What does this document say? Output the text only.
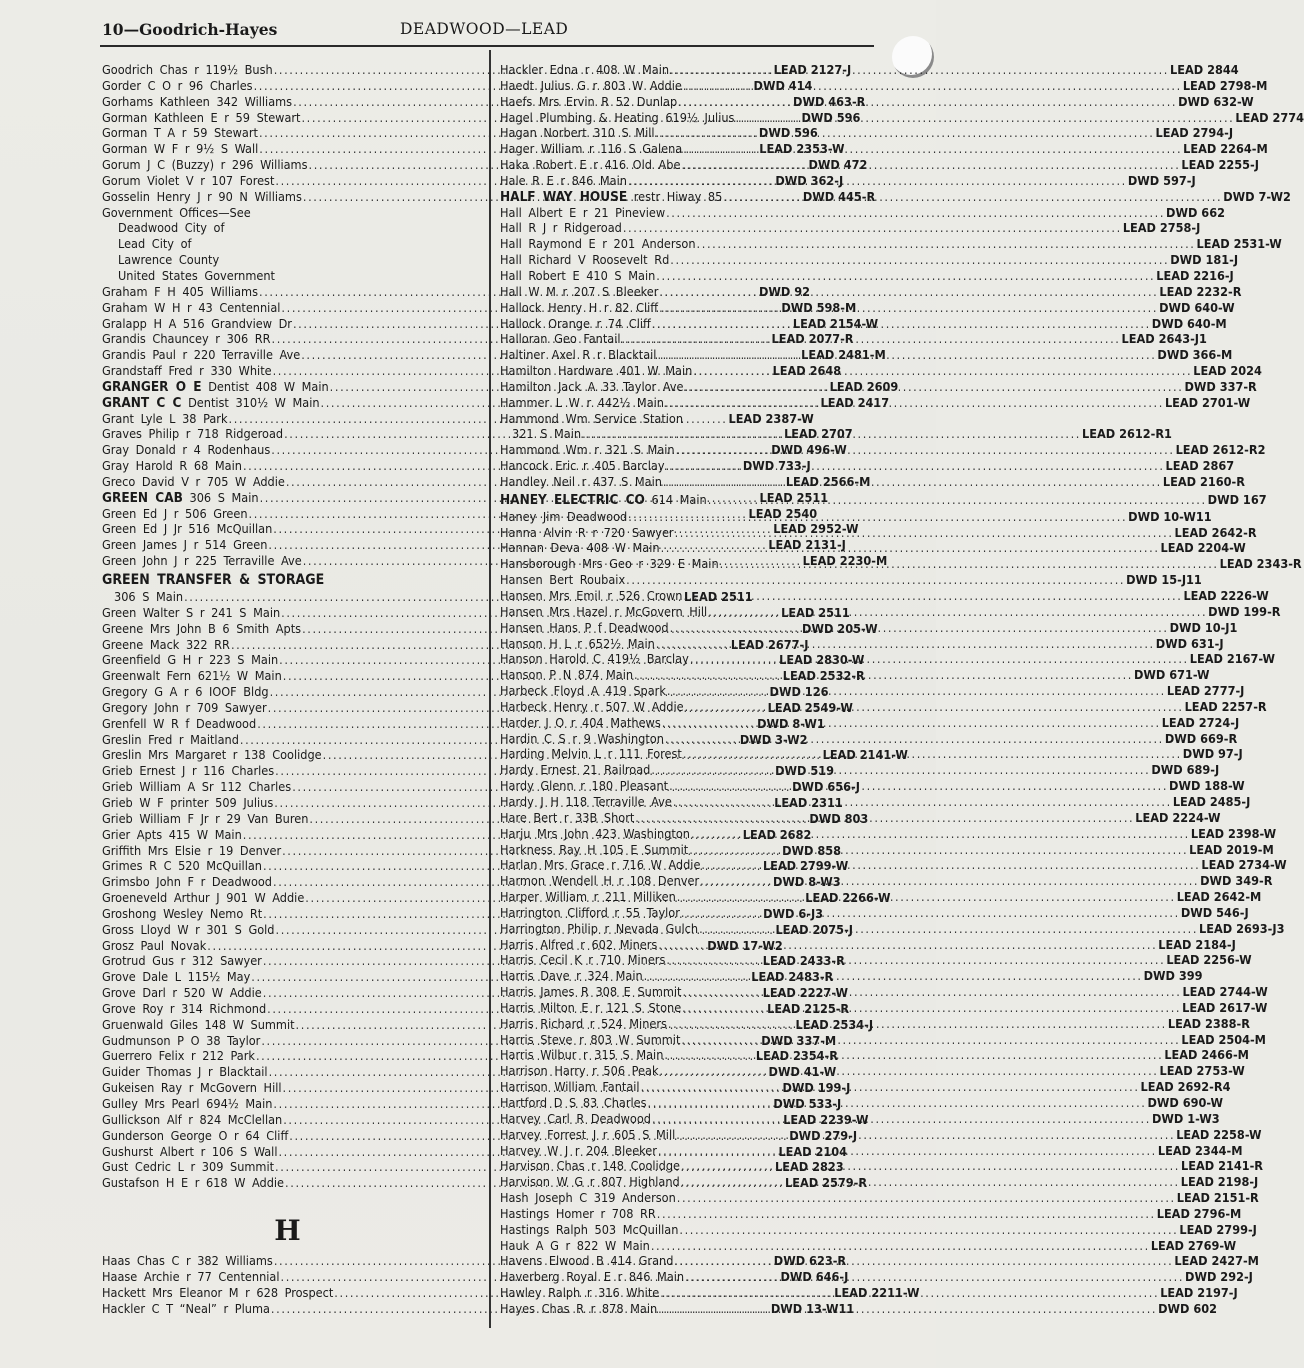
10—Goodrich-Hayes	DEADWOOD—LEAD
Goodrich Chas r 119½ Bush
.....	LEAD 2127-J
Gorder C O r 96 Charles
.....	DWD 414
Gorhams Kathleen 342 Williams
.....	DWD 463-R
Gorman Kathleen E r 59 Stewart
.....	DWD 596
Gorman T A r 59 Stewart
.....	DWD 596
Gorman W F r 9½ S Wall
.....	LEAD 2353-W
Gorum J C (Buzzy) r 296 Williams
.....	DWD 472
Gorum Violet V r 107 Forest
.....	DWD 362-J
Gosselin Henry J r 90 N Williams
.....	DWD 445-R
Government Offices—See
Deadwood City of
Lead City of
Lawrence County
United States Government
Graham F H 405 Williams
.....	DWD 92
Graham W H r 43 Centennial
.....	DWD 598-M
Gralapp H A 516 Grandview Dr
.....	LEAD 2154-W
Grandis Chauncey r 306 RR
.....	LEAD 2077-R
Grandis Paul r 220 Terraville Ave
.....	LEAD 2481-M
Grandstaff Fred r 330 White
.....	LEAD 2648
GRANGER O E Dentist 408 W Main
.....	LEAD 2609
GRANT C C Dentist 310½ W Main
.....	LEAD 2417
Grant Lyle L 38 Park
.....	LEAD 2387-W
Graves Philip r 718 Ridgeroad
.....	LEAD 2707
Gray Donald r 4 Rodenhaus
.....	DWD 496-W
Gray Harold R 68 Main
.....	DWD 733-J
Greco David V r 705 W Addie
.....	LEAD 2566-M
GREEN CAB 306 S Main
.....	LEAD 2511
Green Ed J r 506 Green
.....	LEAD 2540
Green Ed J Jr 516 McQuillan
.....	LEAD 2952-W
Green James J r 514 Green
.....	LEAD 2131-J
Green John J r 225 Terraville Ave
.....	LEAD 2230-M
GREEN TRANSFER & STORAGE
306 S Main
.....	LEAD 2511
Green Walter S r 241 S Main
.....	LEAD 2511
Greene Mrs John B 6 Smith Apts
.....	DWD 205-W
Greene Mack 322 RR
.....	LEAD 2677-J
Greenfield G H r 223 S Main
.....	LEAD 2830-W
Greenwalt Fern 621½ W Main
.....	LEAD 2532-R
Gregory G A r 6 IOOF Bldg
.....	DWD 126
Gregory John r 709 Sawyer
.....	LEAD 2549-W
Grenfell W R f Deadwood
.....	DWD 8-W1
Greslin Fred r Maitland
.....	DWD 3-W2
Greslin Mrs Margaret r 138 Coolidge
.....	LEAD 2141-W
Grieb Ernest J r 116 Charles
.....	DWD 519
Grieb William A Sr 112 Charles
.....	DWD 656-J
Grieb W F printer 509 Julius
.....	LEAD 2311
Grieb William F Jr r 29 Van Buren
.....	DWD 803
Grier Apts 415 W Main
.....	LEAD 2682
Griffith Mrs Elsie r 19 Denver
.....	DWD 858
Grimes R C 520 McQuillan
.....	LEAD 2799-W
Grimsbo John F r Deadwood
.....	DWD 8-W3
Groeneveld Arthur J 901 W Addie
.....	LEAD 2266-W
Groshong Wesley Nemo Rt
.....	DWD 6-J3
Gross Lloyd W r 301 S Gold
.....	LEAD 2075-J
Grosz Paul Novak
.....	DWD 17-W2
Grotrud Gus r 312 Sawyer
.....	LEAD 2433-R
Grove Dale L 115½ May
.....	LEAD 2483-R
Grove Darl r 520 W Addie
.....	LEAD 2227-W
Grove Roy r 314 Richmond
.....	LEAD 2125-R
Gruenwald Giles 148 W Summit
.....	LEAD 2534-J
Gudmunson P O 38 Taylor
.....	DWD 337-M
Guerrero Felix r 212 Park
.....	LEAD 2354-R
Guider Thomas J r Blacktail
.....	DWD 41-W
Gukeisen Ray r McGovern Hill
.....	DWD 199-J
Gulley Mrs Pearl 694½ Main
.....	DWD 533-J
Gullickson Alf r 824 McClellan
.....	LEAD 2239-W
Gunderson George O r 64 Cliff
.....	DWD 279-J
Gushurst Albert r 106 S Wall
.....	LEAD 2104
Gust Cedric L r 309 Summit
.....	LEAD 2823
Gustafson H E r 618 W Addie
.....	LEAD 2579-R
H
Haas Chas C r 382 Williams
.....	DWD 623-R
Haase Archie r 77 Centennial
.....	DWD 646-J
Hackett Mrs Eleanor M r 628 Prospect
.....	LEAD 2211-W
Hackler C T “Neal” r Pluma
.....	DWD 13-W11
Hackler Edna r 408 W Main
.....	LEAD 2844
Haedt Julius G r 803 W Addie
.....	LEAD 2798-M
Haefs Mrs Ervin R 52 Dunlap
.....	DWD 632-W
Hagel Plumbing & Heating 619½ Julius
.....	LEAD 2774
Hagan Norbert 310 S Mill
.....	LEAD 2794-J
Hager William r 116 S Galena
.....	LEAD 2264-M
Haka Robert E r 416 Old Abe
.....	LEAD 2255-J
Hale R E r 846 Main
.....	DWD 597-J
HALF WAY HOUSE restr Hiway 85
.....	DWD 7-W2
Hall Albert E r 21 Pineview
.....	DWD 662
Hall R J r Ridgeroad
.....	LEAD 2758-J
Hall Raymond E r 201 Anderson
.....	LEAD 2531-W
Hall Richard V Roosevelt Rd
.....	DWD 181-J
Hall Robert E 410 S Main
.....	LEAD 2216-J
Hall W M r 207 S Bleeker
.....	LEAD 2232-R
Hallock Henry H r 82 Cliff
.....	DWD 640-W
Hallock Orange r 74 Cliff
.....	DWD 640-M
Halloran Geo Fantail
.....	LEAD 2643-J1
Haltiner Axel R r Blacktail
.....	DWD 366-M
Hamilton Hardware 401 W Main
.....	LEAD 2024
Hamilton Jack A 33 Taylor Ave
.....	DWD 337-R
Hammer L W r 442½ Main
.....	LEAD 2701-W
Hammond Wm Service Station
321 S Main
.....	LEAD 2612-R1
Hammond Wm r 321 S Main
.....	LEAD 2612-R2
Hancock Eric r 405 Barclay
.....	LEAD 2867
Handley Neil r 437 S Main
.....	LEAD 2160-R
HANEY ELECTRIC CO 614 Main
.....	DWD 167
Haney Jim Deadwood
.....	DWD 10-W11
Hanna Alvin R r 720 Sawyer
.....	LEAD 2642-R
Hannan Deva 408 W Main
.....	LEAD 2204-W
Hansborough Mrs Geo r 329 E Main
.....	LEAD 2343-R
Hansen Bert Roubaix
.....	DWD 15-J11
Hansen Mrs Emil r 526 Crown
.....	LEAD 2226-W
Hansen Mrs Hazel r McGovern Hill
.....	DWD 199-R
Hansen Hans P f Deadwood
.....	DWD 10-J1
Hanson H L r 652½ Main
.....	DWD 631-J
Hanson Harold C 419½ Barclay
.....	LEAD 2167-W
Hanson P N 874 Main
.....	DWD 671-W
Harbeck Floyd A 419 Spark
.....	LEAD 2777-J
Harbeck Henry r 507 W Addie
.....	LEAD 2257-R
Harder J O r 404 Mathews
.....	LEAD 2724-J
Hardin C S r 9 Washington
.....	DWD 669-R
Harding Melvin L r 111 Forest
.....	DWD 97-J
Hardy Ernest 21 Railroad
.....	DWD 689-J
Hardy Glenn r 180 Pleasant
.....	DWD 188-W
Hardy J H 118 Terraville Ave
.....	LEAD 2485-J
Hare Bert r 33B Short
.....	LEAD 2224-W
Harju Mrs John 423 Washington
.....	LEAD 2398-W
Harkness Ray H 105 E Summit
.....	LEAD 2019-M
Harlan Mrs Grace r 716 W Addie
.....	LEAD 2734-W
Harmon Wendell H r 108 Denver
.....	DWD 349-R
Harper William r 211 Milliken
.....	LEAD 2642-M
Harrington Clifford r 55 Taylor
.....	DWD 546-J
Harrington Philip r Nevada Gulch
.....	LEAD 2693-J3
Harris Alfred r 602 Miners
.....	LEAD 2184-J
Harris Cecil K r 710 Miners
.....	LEAD 2256-W
Harris Dave r 324 Main
.....	DWD 399
Harris James R 308 E Summit
.....	LEAD 2744-W
Harris Milton E r 121 S Stone
.....	LEAD 2617-W
Harris Richard r 524 Miners
.....	LEAD 2388-R
Harris Steve r 803 W Summit
.....	LEAD 2504-M
Harris Wilbur r 315 S Main
.....	LEAD 2466-M
Harrison Harry r 506 Peak
.....	LEAD 2753-W
Harrison William Fantail
.....	LEAD 2692-R4
Hartford D S 83 Charles
.....	DWD 690-W
Harvey Carl R Deadwood
.....	DWD 1-W3
Harvey Forrest J r 605 S Mill
.....	LEAD 2258-W
Harvey W J r 204 Bleeker
.....	LEAD 2344-M
Harvison Chas r 148 Coolidge
.....	LEAD 2141-R
Harvison W G r 807 Highland
.....	LEAD 2198-J
Hash Joseph C 319 Anderson
.....	LEAD 2151-R
Hastings Homer r 708 RR
.....	LEAD 2796-M
Hastings Ralph 503 McQuillan
.....	LEAD 2799-J
Hauk A G r 822 W Main
.....	LEAD 2769-W
Havens Elwood B 414 Grand
.....	LEAD 2427-M
Haverberg Royal E r 846 Main
.....	DWD 292-J
Hawley Ralph r 316 White
.....	LEAD 2197-J
Hayes Chas R r 878 Main
.....	DWD 602
